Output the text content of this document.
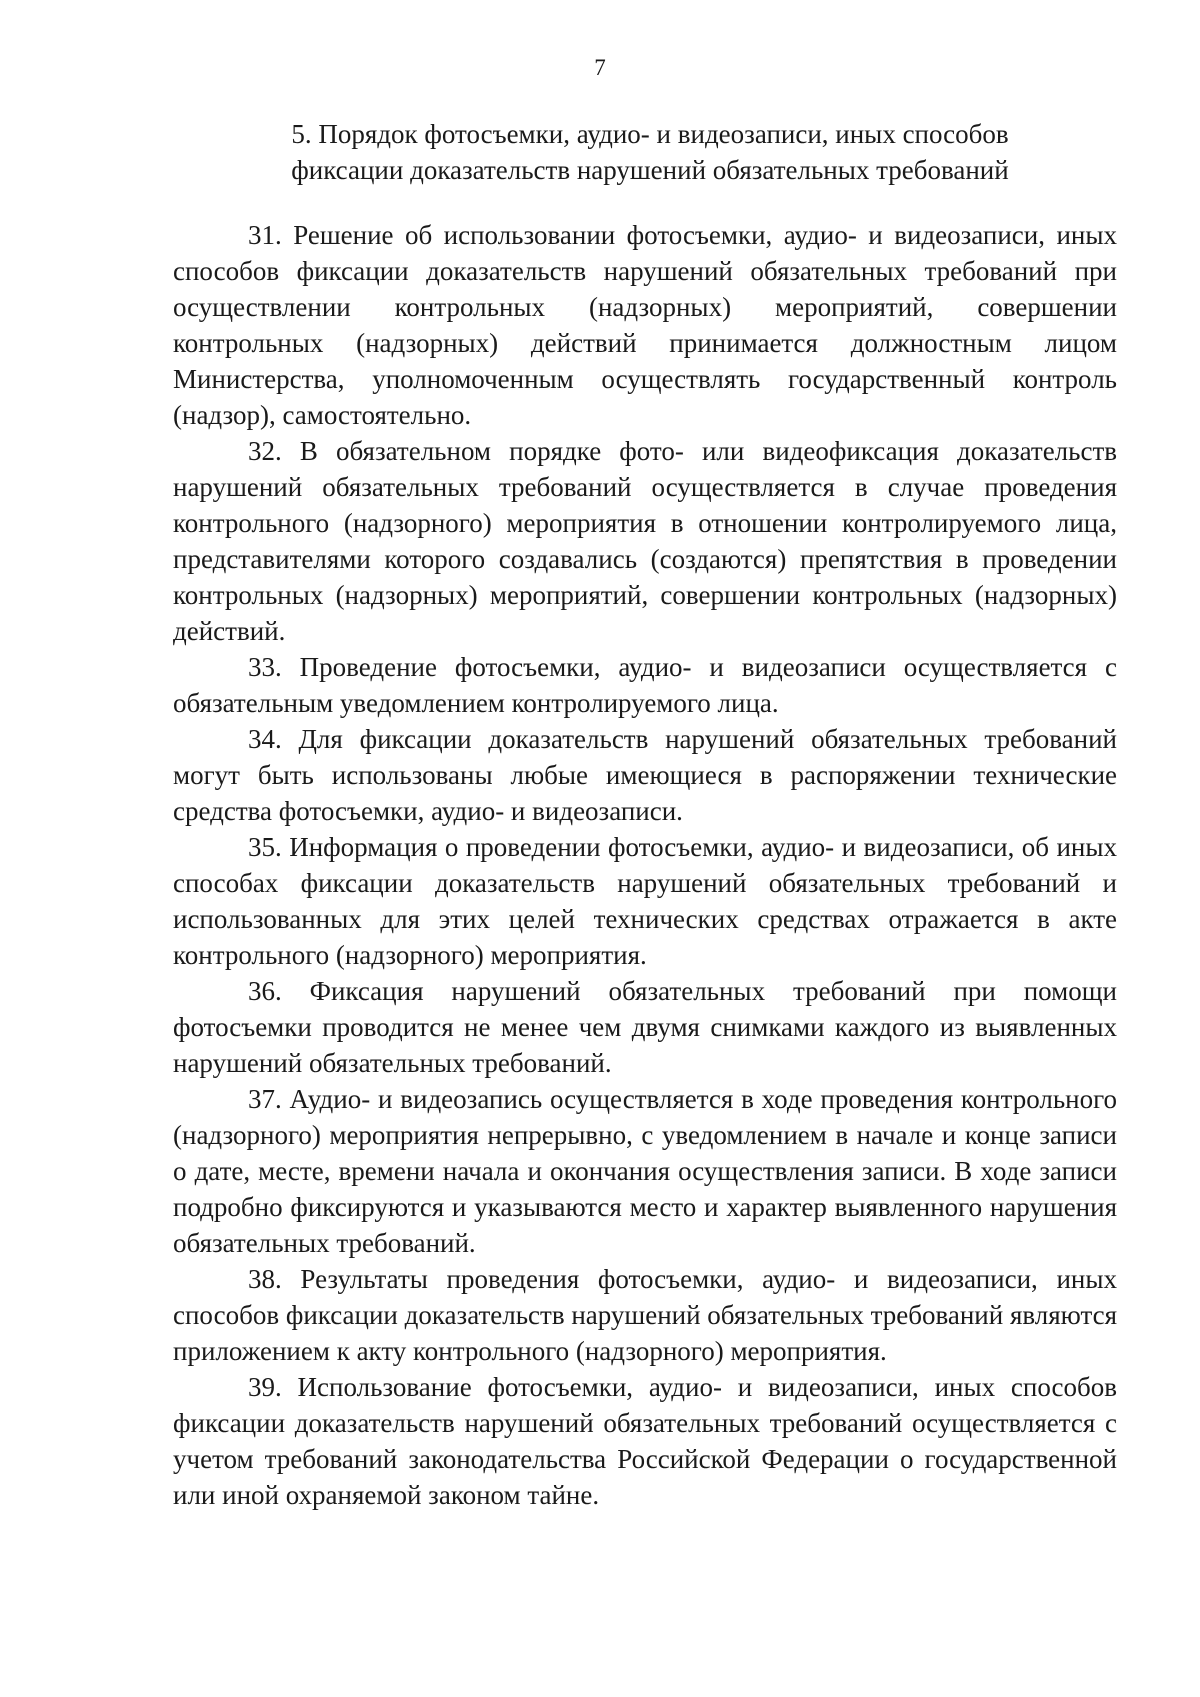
7
5. Порядок фотосъемки, аудио- и видеозаписи, иных способов
фиксации доказательств нарушений обязательных требований

31. Решение об использовании фотосъемки, аудио- и видеозаписи, иных способов фиксации доказательств нарушений обязательных требований при осуществлении контрольных (надзорных) мероприятий, совершении контрольных (надзорных) действий принимается должностным лицом Министерства, уполномоченным осуществлять государственный контроль (надзор), самостоятельно.

32. В обязательном порядке фото- или видеофиксация доказательств нарушений обязательных требований осуществляется в случае проведения контрольного (надзорного) мероприятия в отношении контролируемого лица, представителями которого создавались (создаются) препятствия в проведении контрольных (надзорных) мероприятий, совершении контрольных (надзорных) действий.

33. Проведение фотосъемки, аудио- и видеозаписи осуществляется с обязательным уведомлением контролируемого лица.

34. Для фиксации доказательств нарушений обязательных требований могут быть использованы любые имеющиеся в распоряжении технические средства фотосъемки, аудио- и видеозаписи.

35. Информация о проведении фотосъемки, аудио- и видеозаписи, об иных способах фиксации доказательств нарушений обязательных требований и использованных для этих целей технических средствах отражается в акте контрольного (надзорного) мероприятия.

36. Фиксация нарушений обязательных требований при помощи фотосъемки проводится не менее чем двумя снимками каждого из выявленных нарушений обязательных требований.

37. Аудио- и видеозапись осуществляется в ходе проведения контрольного (надзорного) мероприятия непрерывно, с уведомлением в начале и конце записи о дате, месте, времени начала и окончания осуществления записи. В ходе записи подробно фиксируются и указываются место и характер выявленного нарушения обязательных требований.

38. Результаты проведения фотосъемки, аудио- и видеозаписи, иных способов фиксации доказательств нарушений обязательных требований являются приложением к акту контрольного (надзорного) мероприятия.

39. Использование фотосъемки, аудио- и видеозаписи, иных способов фиксации доказательств нарушений обязательных требований осуществляется с учетом требований законодательства Российской Федерации о государственной или иной охраняемой законом тайне.
